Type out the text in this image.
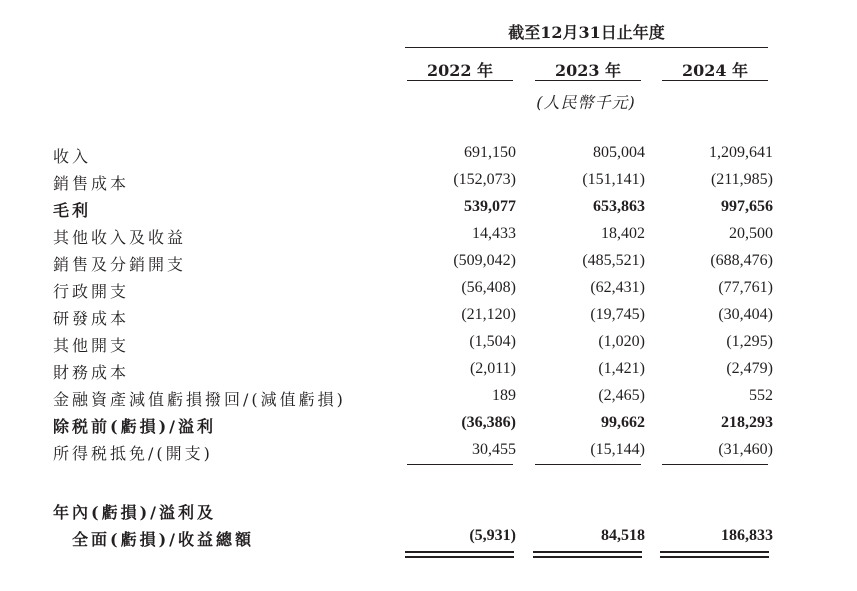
截至12月31日止年度
2022 年	2023 年	2024 年
(人民幣千元)
收入	691,150	805,004	1,209,641
銷售成本	(152,073)	(151,141)	(211,985)
毛利	539,077	653,863	997,656
其他收入及收益	14,433	18,402	20,500
銷售及分銷開支	(509,042)	(485,521)	(688,476)
行政開支	(56,408)	(62,431)	(77,761)
研發成本	(21,120)	(19,745)	(30,404)
其他開支	(1,504)	(1,020)	(1,295)
財務成本	(2,011)	(1,421)	(2,479)
金融資產減值虧損撥回/(減值虧損)	189	(2,465)	552
除税前(虧損)/溢利	(36,386)	99,662	218,293
所得税抵免/(開支)	30,455	(15,144)	(31,460)
年內(虧損)/溢利及
全面(虧損)/收益總額	(5,931)	84,518	186,833
